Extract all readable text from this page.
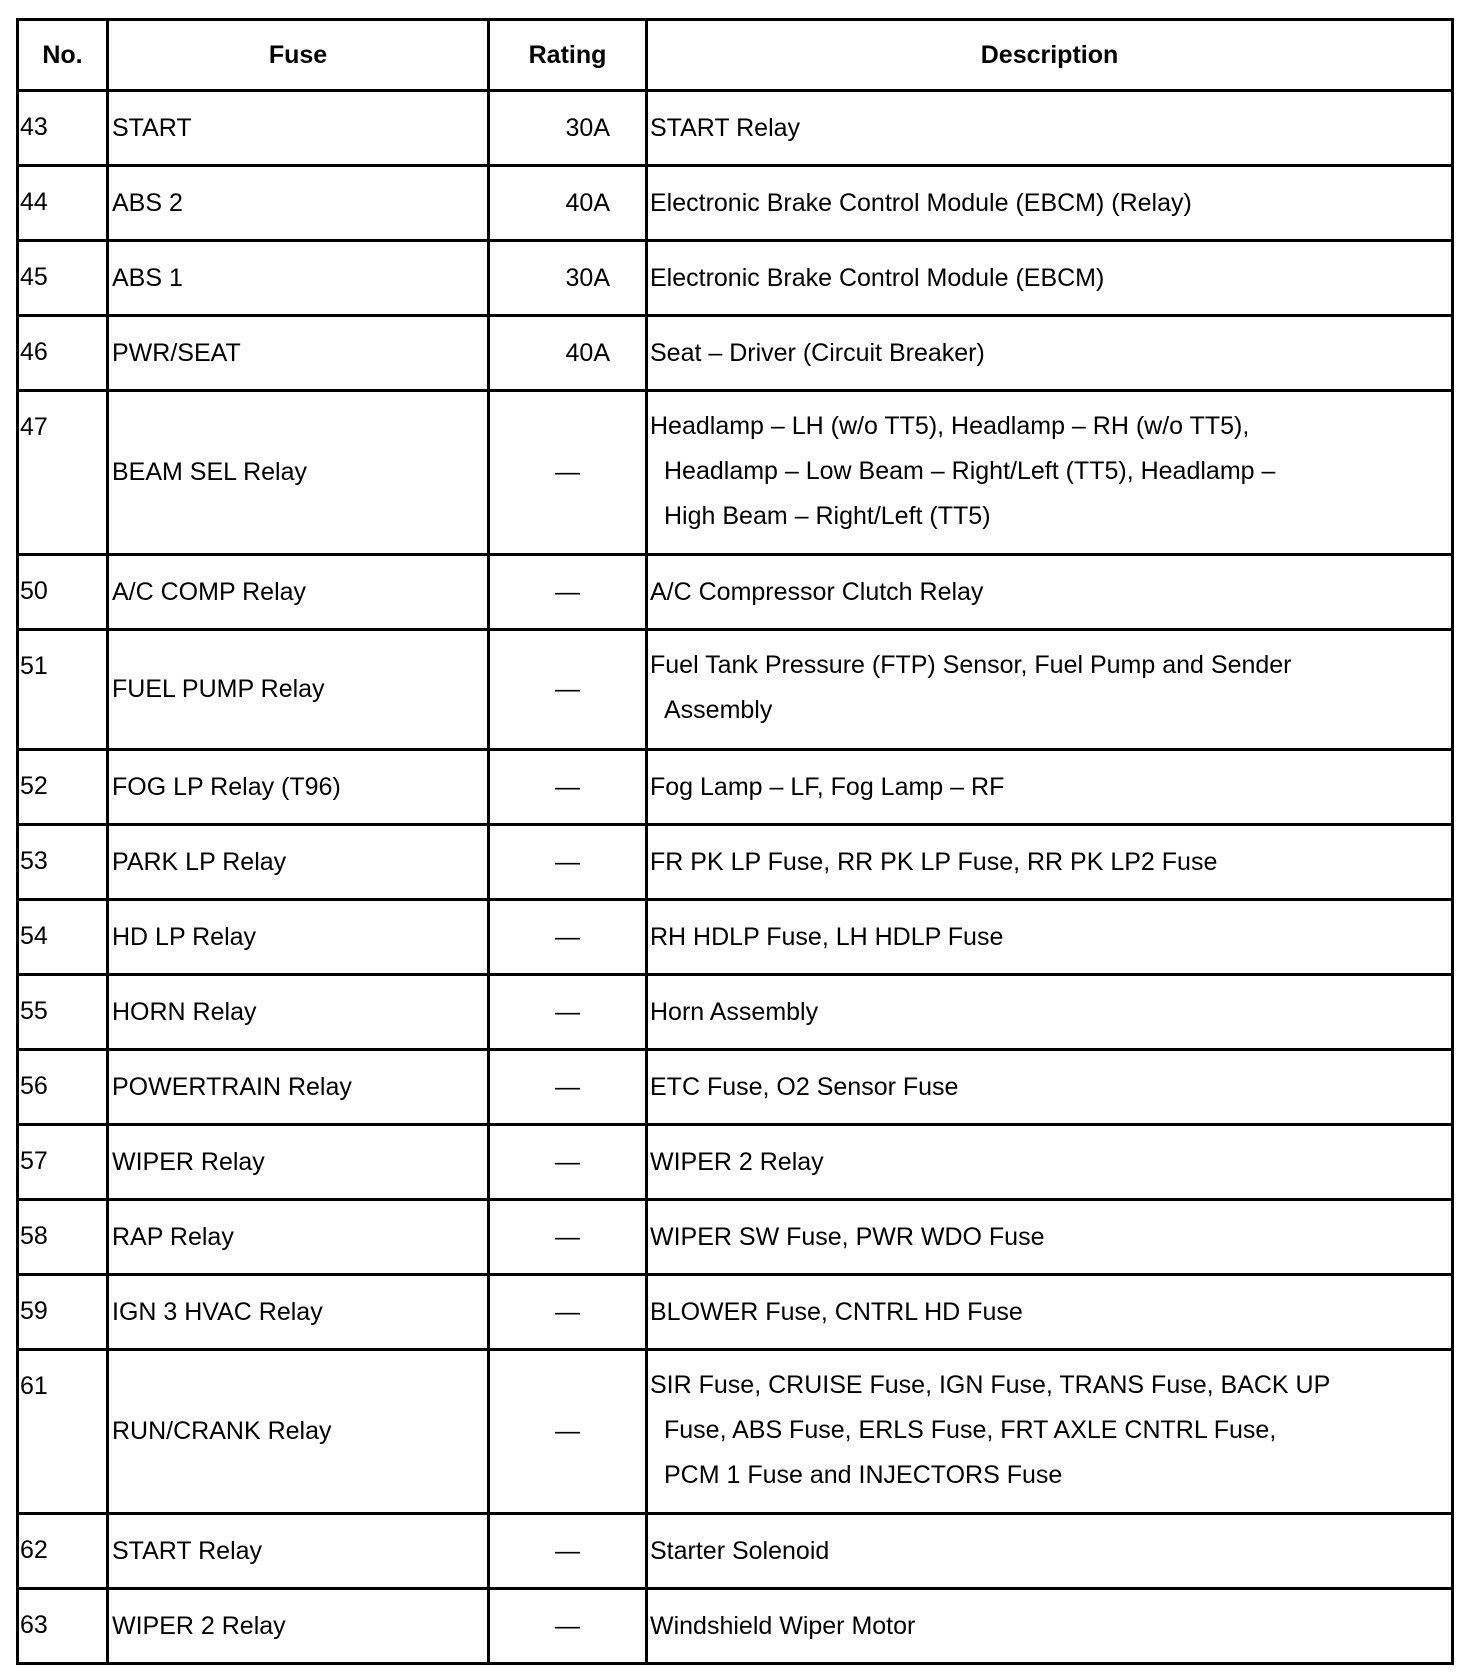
No.	Fuse	Rating	Description
43	START	30A	START Relay

44	ABS 2	40A	Electronic Brake Control Module (EBCM) (Relay)

45	ABS 1	30A	Electronic Brake Control Module (EBCM)

46	PWR/SEAT	40A	Seat – Driver (Circuit Breaker)

47	BEAM SEL Relay	—	Headlamp – LH (w/o TT5), Headlamp – RH (w/o TT5),
Headlamp – Low Beam – Right/Left (TT5), Headlamp –
High Beam – Right/Left (TT5)

50	A/C COMP Relay	—	A/C Compressor Clutch Relay

51	FUEL PUMP Relay	—	Fuel Tank Pressure (FTP) Sensor, Fuel Pump and Sender
Assembly

52	FOG LP Relay (T96)	—	Fog Lamp – LF, Fog Lamp – RF

53	PARK LP Relay	—	FR PK LP Fuse, RR PK LP Fuse, RR PK LP2 Fuse

54	HD LP Relay	—	RH HDLP Fuse, LH HDLP Fuse

55	HORN Relay	—	Horn Assembly

56	POWERTRAIN Relay	—	ETC Fuse, O2 Sensor Fuse

57	WIPER Relay	—	WIPER 2 Relay

58	RAP Relay	—	WIPER SW Fuse, PWR WDO Fuse

59	IGN 3 HVAC Relay	—	BLOWER Fuse, CNTRL HD Fuse

61	RUN/CRANK Relay	—	SIR Fuse, CRUISE Fuse, IGN Fuse, TRANS Fuse, BACK UP
Fuse, ABS Fuse, ERLS Fuse, FRT AXLE CNTRL Fuse,
PCM 1 Fuse and INJECTORS Fuse

62	START Relay	—	Starter Solenoid

63	WIPER 2 Relay	—	Windshield Wiper Motor
